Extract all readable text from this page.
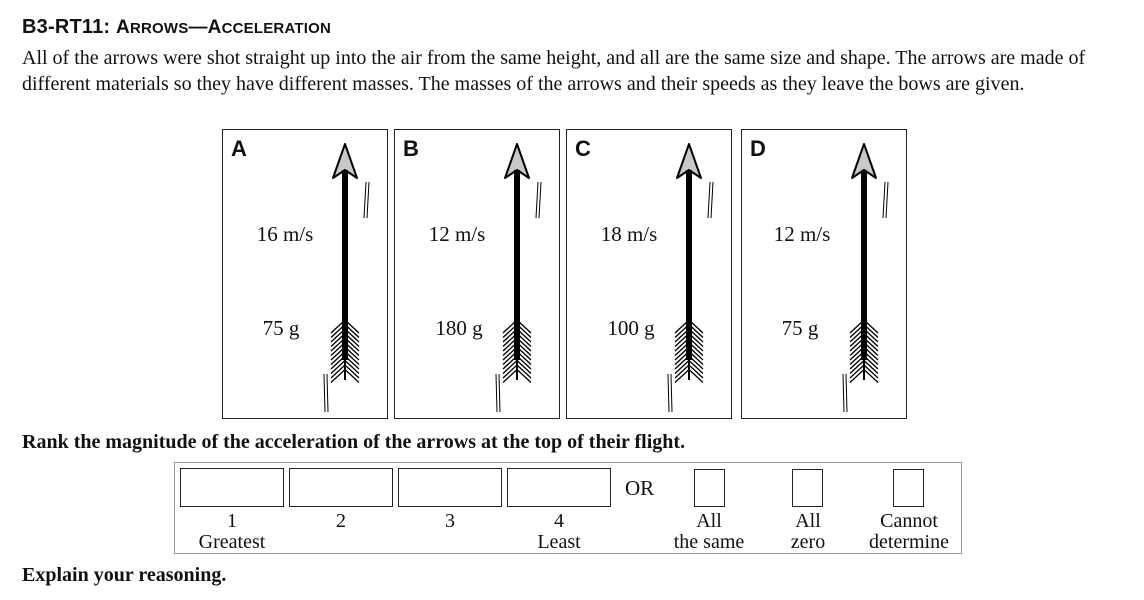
B3-RT11: ARROWS—ACCELERATION
All of the arrows were shot straight up into the air from the same height, and all are the same size and shape. The arrows are made of different materials so they have different masses. The masses of the arrows and their speeds as they leave the bows are given.
A
16 m/s
75 g
B
12 m/s
180 g
C
18 m/s
100 g
D
12 m/s
75 g
Rank the magnitude of the acceleration of the arrows at the top of their flight.
OR
1
Greatest
2	3	4
Least
All
the same
All
zero
Cannot
determine
Explain your reasoning.
